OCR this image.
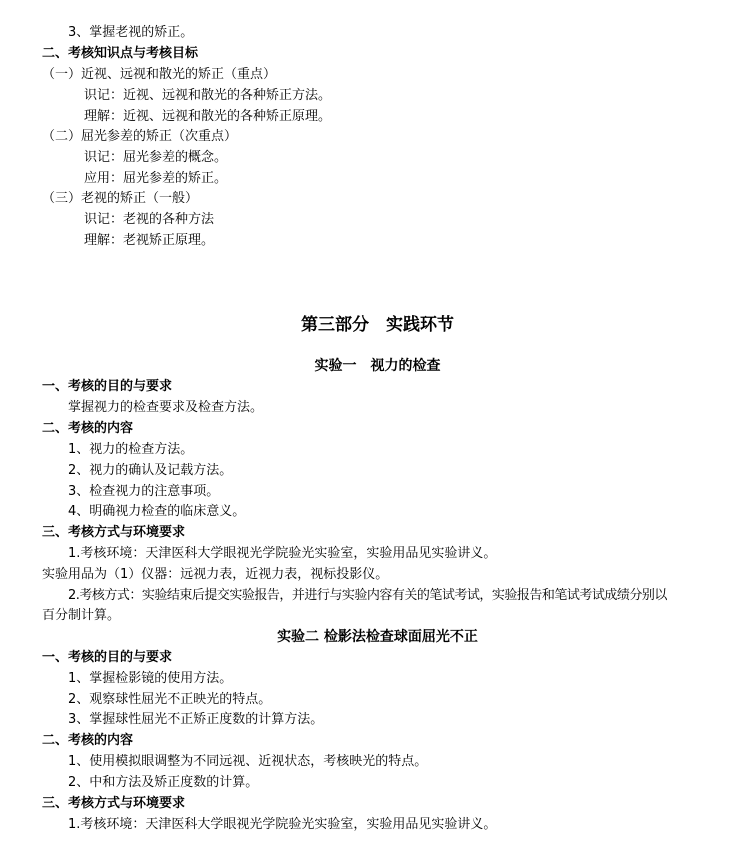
3、掌握老视的矫正。
二、考核知识点与考核目标
（一）近视、远视和散光的矫正（重点）
识记：近视、远视和散光的各种矫正方法。
理解：近视、远视和散光的各种矫正原理。
（二）屈光参差的矫正（次重点）
识记：屈光参差的概念。
应用：屈光参差的矫正。
（三）老视的矫正（一般）
识记：老视的各种方法
理解：老视矫正原理。
第三部分　实践环节
实验一　视力的检查
一、考核的目的与要求
掌握视力的检查要求及检查方法。
二、考核的内容
1、视力的检查方法。
2、视力的确认及记载方法。
3、检查视力的注意事项。
4、明确视力检查的临床意义。
三、考核方式与环境要求
1.考核环境：天津医科大学眼视光学院验光实验室，实验用品见实验讲义。
实验用品为（1）仪器：远视力表，近视力表，视标投影仪。
2.考核方式：实验结束后提交实验报告，并进行与实验内容有关的笔试考试，实验报告和笔试考试成绩分别以
百分制计算。
实验二 检影法检查球面屈光不正
一、考核的目的与要求
1、掌握检影镜的使用方法。
2、观察球性屈光不正映光的特点。
3、掌握球性屈光不正矫正度数的计算方法。
二、考核的内容
1、使用模拟眼调整为不同远视、近视状态，考核映光的特点。
2、中和方法及矫正度数的计算。
三、考核方式与环境要求
1.考核环境：天津医科大学眼视光学院验光实验室，实验用品见实验讲义。
